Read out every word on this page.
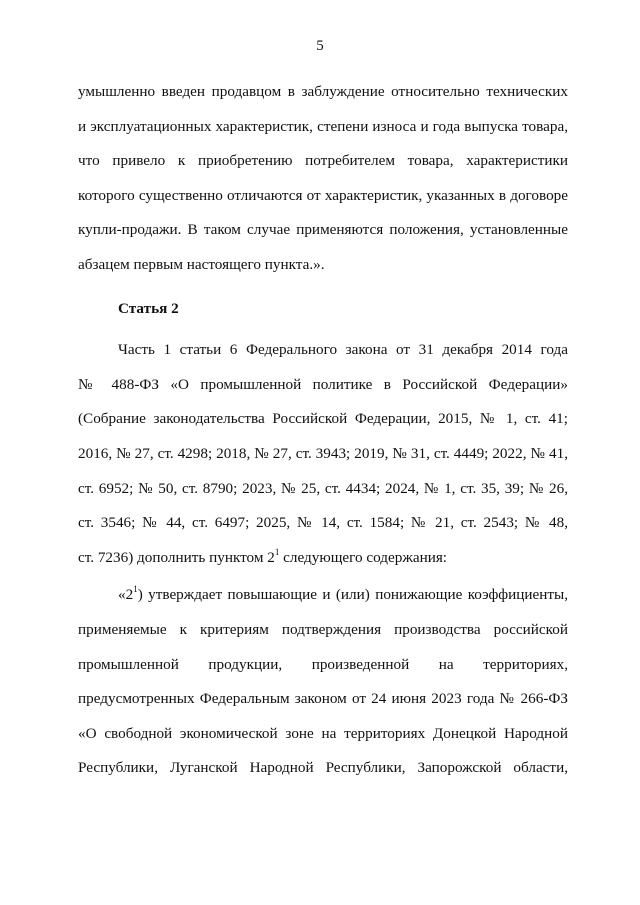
5
умышленно введен продавцом в заблуждение относительно технических
и эксплуатационных характеристик, степени износа и года выпуска товара,
что привело к приобретению потребителем товара, характеристики
которого существенно отличаются от характеристик, указанных в договоре
купли-продажи. В таком случае применяются положения, установленные
абзацем первым настоящего пункта.».

Статья 2

Часть 1 статьи 6 Федерального закона от 31 декабря 2014 года
№ 488-ФЗ «О промышленной политике в Российской Федерации»
(Собрание законодательства Российской Федерации, 2015, № 1, ст. 41;
2016, № 27, ст. 4298; 2018, № 27, ст. 3943; 2019, № 31, ст. 4449; 2022, № 41,
ст. 6952; № 50, ст. 8790; 2023, № 25, ст. 4434; 2024, № 1, ст. 35, 39; № 26,
ст. 3546; № 44, ст. 6497; 2025, № 14, ст. 1584; № 21, ст. 2543; № 48,
ст. 7236) дополнить пунктом $2^1$ следующего содержания:
«$2^1$) утверждает повышающие и (или) понижающие коэффициенты,
применяемые к критериям подтверждения производства российской
промышленной продукции, произведенной на территориях,
предусмотренных Федеральным законом от 24 июня 2023 года № 266-ФЗ
«О свободной экономической зоне на территориях Донецкой Народной
Республики, Луганской Народной Республики, Запорожской области,
